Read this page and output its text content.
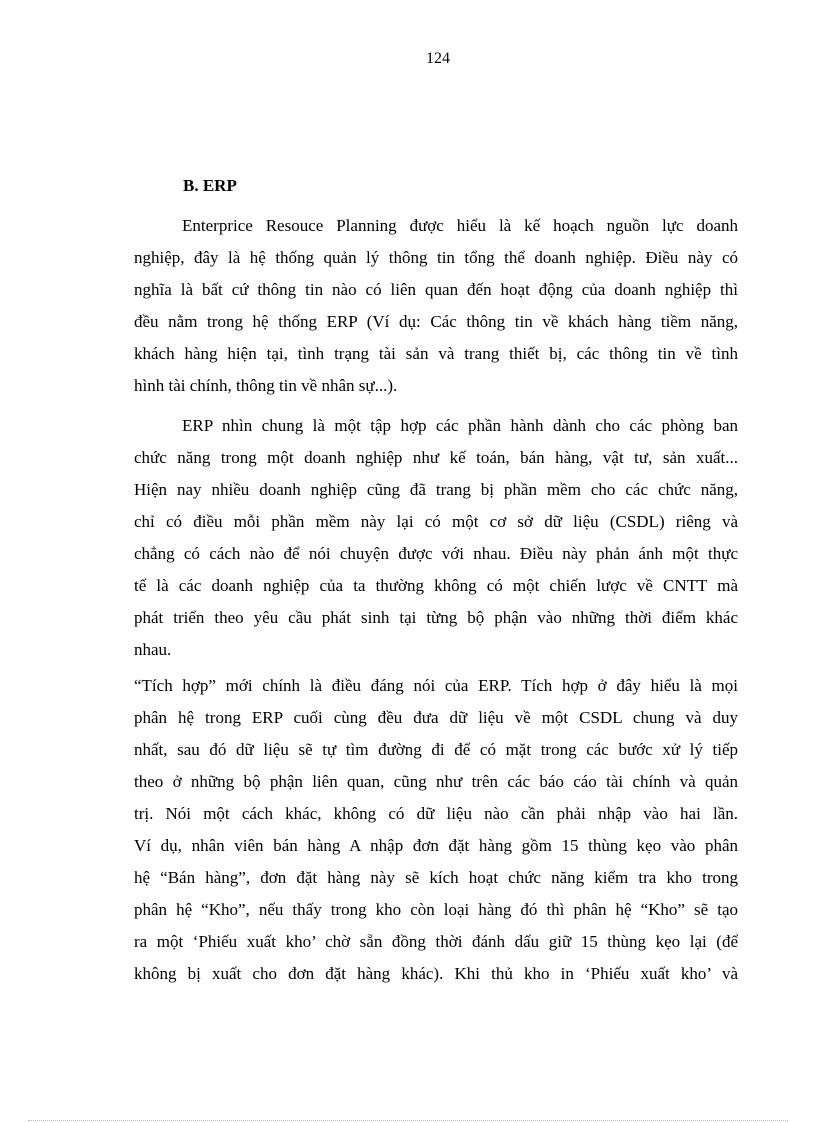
124
B. ERP
Enterprice Resouce Planning được hiểu là kế hoạch nguồn lực doanh
nghiệp, đây là hệ thống quản lý thông tin tổng thể doanh nghiệp. Điều này có
nghĩa là bất cứ thông tin nào có liên quan đến hoạt động của doanh nghiệp thì
đều nằm trong hệ thống ERP (Ví dụ: Các thông tin về khách hàng tiềm năng,
khách hàng hiện tại, tình trạng tài sản và trang thiết bị, các thông tin về tình
hình tài chính, thông tin về nhân sự...).
ERP nhìn chung là một tập hợp các phần hành dành cho các phòng ban
chức năng trong một doanh nghiệp như kế toán, bán hàng, vật tư, sản xuất...
Hiện nay nhiều doanh nghiệp cũng đã trang bị phần mềm cho các chức năng,
chỉ có điều mỗi phần mềm này lại có một cơ sở dữ liệu (CSDL) riêng và
chẳng có cách nào để nói chuyện được với nhau. Điều này phản ánh một thực
tế là các doanh nghiệp của ta thường không có một chiến lược về CNTT mà
phát triển theo yêu cầu phát sinh tại từng bộ phận vào những thời điểm khác
nhau.
“Tích hợp” mới chính là điều đáng nói của ERP. Tích hợp ở đây hiểu là mọi
phân hệ trong ERP cuối cùng đều đưa dữ liệu về một CSDL chung và duy
nhất, sau đó dữ liệu sẽ tự tìm đường đi để có mặt trong các bước xử lý tiếp
theo ở những bộ phận liên quan, cũng như trên các báo cáo tài chính và quản
trị. Nói một cách khác, không có dữ liệu nào cần phải nhập vào hai lần.
Ví dụ, nhân viên bán hàng A nhập đơn đặt hàng gồm 15 thùng kẹo vào phân
hệ “Bán hàng”, đơn đặt hàng này sẽ kích hoạt chức năng kiểm tra kho trong
phân hệ “Kho”, nếu thấy trong kho còn loại hàng đó thì phân hệ “Kho” sẽ tạo
ra một ‘Phiếu xuất kho’ chờ sẵn đồng thời đánh dấu giữ 15 thùng kẹo lại (để
không bị xuất cho đơn đặt hàng khác). Khi thủ kho in ‘Phiếu xuất kho’ và
